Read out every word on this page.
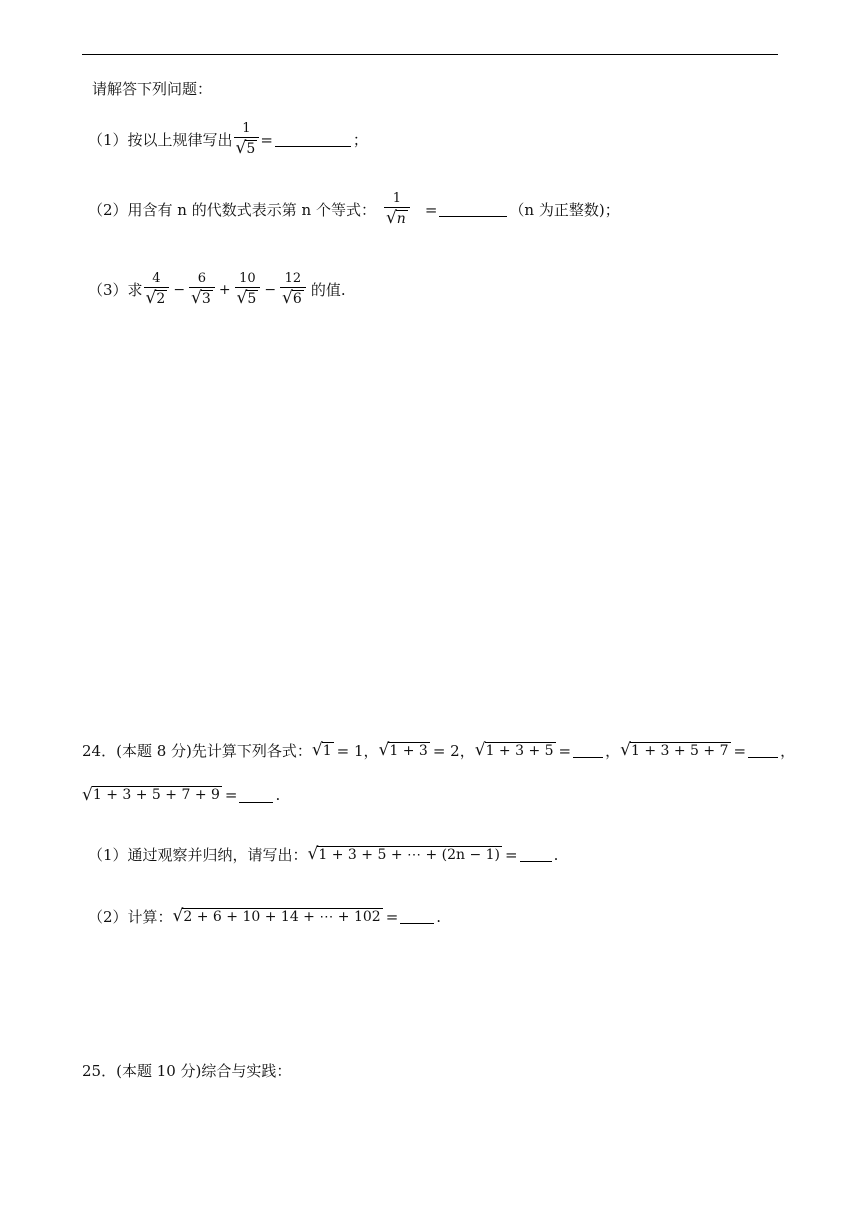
请解答下列问题：
（1）按以上规律写出 $\frac{1}{√ 5}$ =	；
（2）用含有 n 的代数式表示第 n 个等式： $\frac{1}{√ n}$ =	（n 为正整数)；
（3）求 $\frac{4}{√ 2} - \frac{6}{√ 3} + \frac{10}{√ 5} - \frac{12}{√ 6}$ 的值.
24．(本题 8 分)先计算下列各式： √ 1 = 1， √ 1 + 3 = 2， √ 1 + 3 + 5 = ， √ 1 + 3 + 5 + 7 = ，
√ 1 + 3 + 5 + 7 + 9 =	.
（1）通过观察并归纳，请写出： √ 1 + 3 + 5 + ⋯ + (2n − 1) = .
（2）计算： √ 2 + 6 + 10 + 14 + ⋯ + 102 =	.
25．(本题 10 分)综合与实践：
